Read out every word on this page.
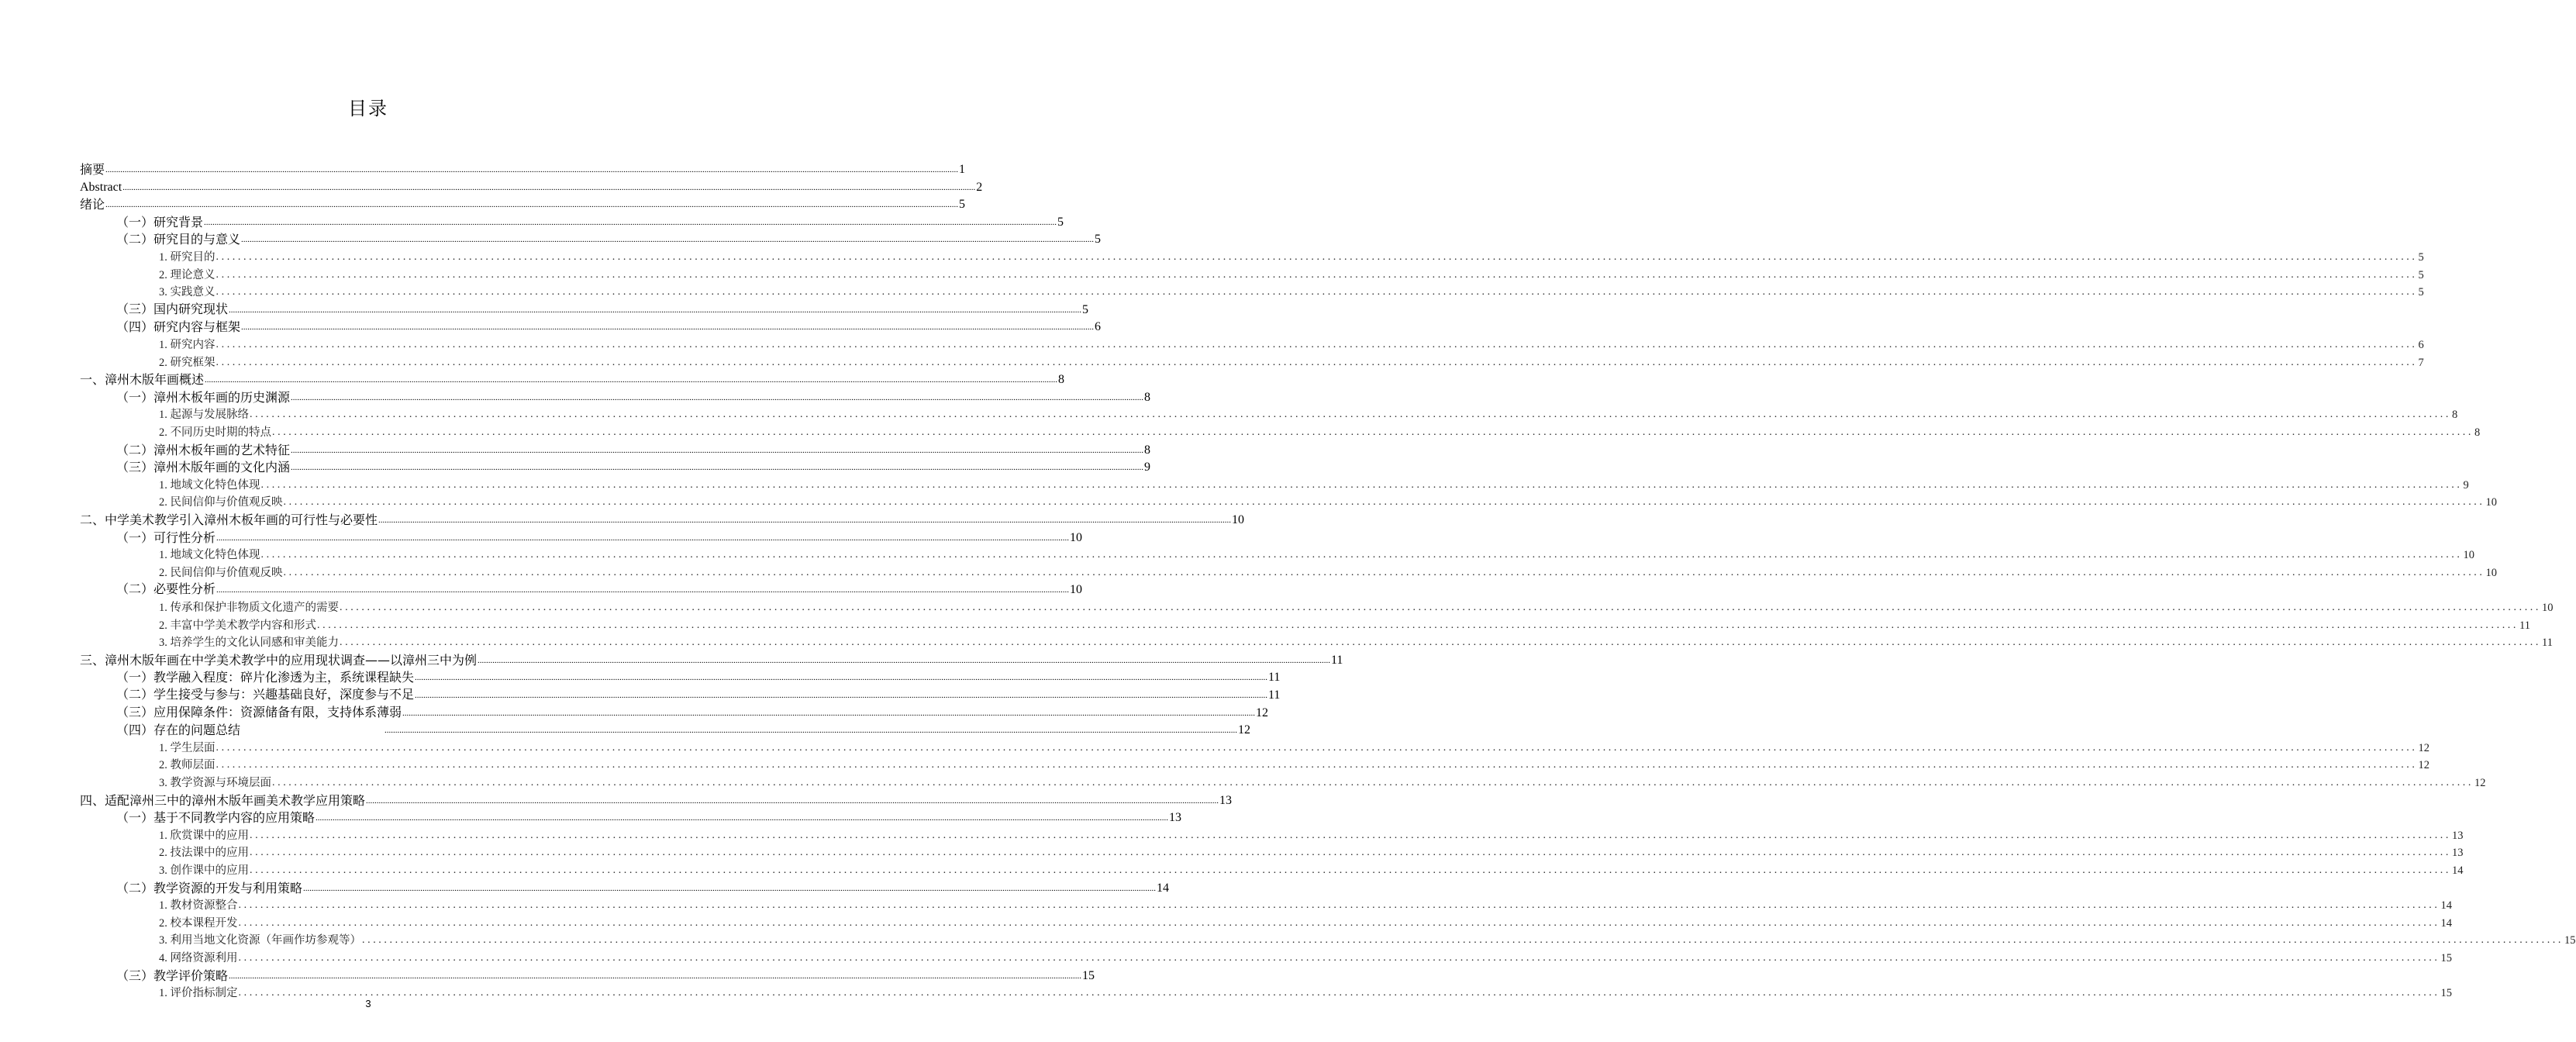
目录
摘要 ................................................................................................................................................................................................................................................................................................................................................................................................................ 1
Abstract ................................................................................................................................................................................................................................................................................................................................................................................................................ 2
绪论 ................................................................................................................................................................................................................................................................................................................................................................................................................ 5
（一）研究背景 ................................................................................................................................................................................................................................................................................................................................................................................................................ 5
（二）研究目的与意义 ................................................................................................................................................................................................................................................................................................................................................................................................................ 5
1. 研究目的 ................................................................................................................................................................................................................................................................................................................................................................................................................ 5
2. 理论意义 ................................................................................................................................................................................................................................................................................................................................................................................................................ 5
3. 实践意义 ................................................................................................................................................................................................................................................................................................................................................................................................................ 5
（三）国内研究现状 ................................................................................................................................................................................................................................................................................................................................................................................................................ 5
（四）研究内容与框架 ................................................................................................................................................................................................................................................................................................................................................................................................................ 6
1. 研究内容 ................................................................................................................................................................................................................................................................................................................................................................................................................ 6
2. 研究框架 ................................................................................................................................................................................................................................................................................................................................................................................................................ 7
一、漳州木版年画概述 ................................................................................................................................................................................................................................................................................................................................................................................................................ 8
（一）漳州木板年画的历史渊源 ................................................................................................................................................................................................................................................................................................................................................................................................................ 8
1. 起源与发展脉络 ................................................................................................................................................................................................................................................................................................................................................................................................................ 8
2. 不同历史时期的特点 ................................................................................................................................................................................................................................................................................................................................................................................................................ 8
（二）漳州木板年画的艺术特征 ................................................................................................................................................................................................................................................................................................................................................................................................................ 8
（三）漳州木版年画的文化内涵 ................................................................................................................................................................................................................................................................................................................................................................................................................ 9
1. 地域文化特色体现 ................................................................................................................................................................................................................................................................................................................................................................................................................ 9
2. 民间信仰与价值观反映 ................................................................................................................................................................................................................................................................................................................................................................................................................ 10
二、中学美术教学引入漳州木板年画的可行性与必要性 ................................................................................................................................................................................................................................................................................................................................................................................................................ 10
（一）可行性分析 ................................................................................................................................................................................................................................................................................................................................................................................................................ 10
1. 地域文化特色体现 ................................................................................................................................................................................................................................................................................................................................................................................................................ 10
2. 民间信仰与价值观反映 ................................................................................................................................................................................................................................................................................................................................................................................................................ 10
（二）必要性分析 ................................................................................................................................................................................................................................................................................................................................................................................................................ 10
1. 传承和保护非物质文化遗产的需要 ................................................................................................................................................................................................................................................................................................................................................................................................................ 10
2. 丰富中学美术教学内容和形式 ................................................................................................................................................................................................................................................................................................................................................................................................................ 11
3. 培养学生的文化认同感和审美能力 ................................................................................................................................................................................................................................................................................................................................................................................................................ 11
三、漳州木版年画在中学美术教学中的应用现状调查——以漳州三中为例 ................................................................................................................................................................................................................................................................................................................................................................................................................ 11
（一）教学融入程度：碎片化渗透为主，系统课程缺失 ................................................................................................................................................................................................................................................................................................................................................................................................................ 11
（二）学生接受与参与：兴趣基础良好，深度参与不足 ................................................................................................................................................................................................................................................................................................................................................................................................................ 11
（三）应用保障条件：资源储备有限，支持体系薄弱 ................................................................................................................................................................................................................................................................................................................................................................................................................ 12
（四）存在的问题总结	................................................................................................................................................................................................................................................................................................................................................................................................................ 12
1. 学生层面 ................................................................................................................................................................................................................................................................................................................................................................................................................ 12
2. 教师层面 ................................................................................................................................................................................................................................................................................................................................................................................................................ 12
3. 教学资源与环境层面 ................................................................................................................................................................................................................................................................................................................................................................................................................ 12
四、适配漳州三中的漳州木版年画美术教学应用策略 ................................................................................................................................................................................................................................................................................................................................................................................................................ 13
（一）基于不同教学内容的应用策略 ................................................................................................................................................................................................................................................................................................................................................................................................................ 13
1. 欣赏课中的应用 ................................................................................................................................................................................................................................................................................................................................................................................................................ 13
2. 技法课中的应用 ................................................................................................................................................................................................................................................................................................................................................................................................................ 13
3. 创作课中的应用 ................................................................................................................................................................................................................................................................................................................................................................................................................ 14
（二）教学资源的开发与利用策略 ................................................................................................................................................................................................................................................................................................................................................................................................................ 14
1. 教材资源整合 ................................................................................................................................................................................................................................................................................................................................................................................................................ 14
2. 校本课程开发 ................................................................................................................................................................................................................................................................................................................................................................................................................ 14
3. 利用当地文化资源（年画作坊参观等） ................................................................................................................................................................................................................................................................................................................................................................................................................ 15
4. 网络资源利用 ................................................................................................................................................................................................................................................................................................................................................................................................................ 15
（三）教学评价策略 ................................................................................................................................................................................................................................................................................................................................................................................................................ 15
1. 评价指标制定 ................................................................................................................................................................................................................................................................................................................................................................................................................ 15
3
